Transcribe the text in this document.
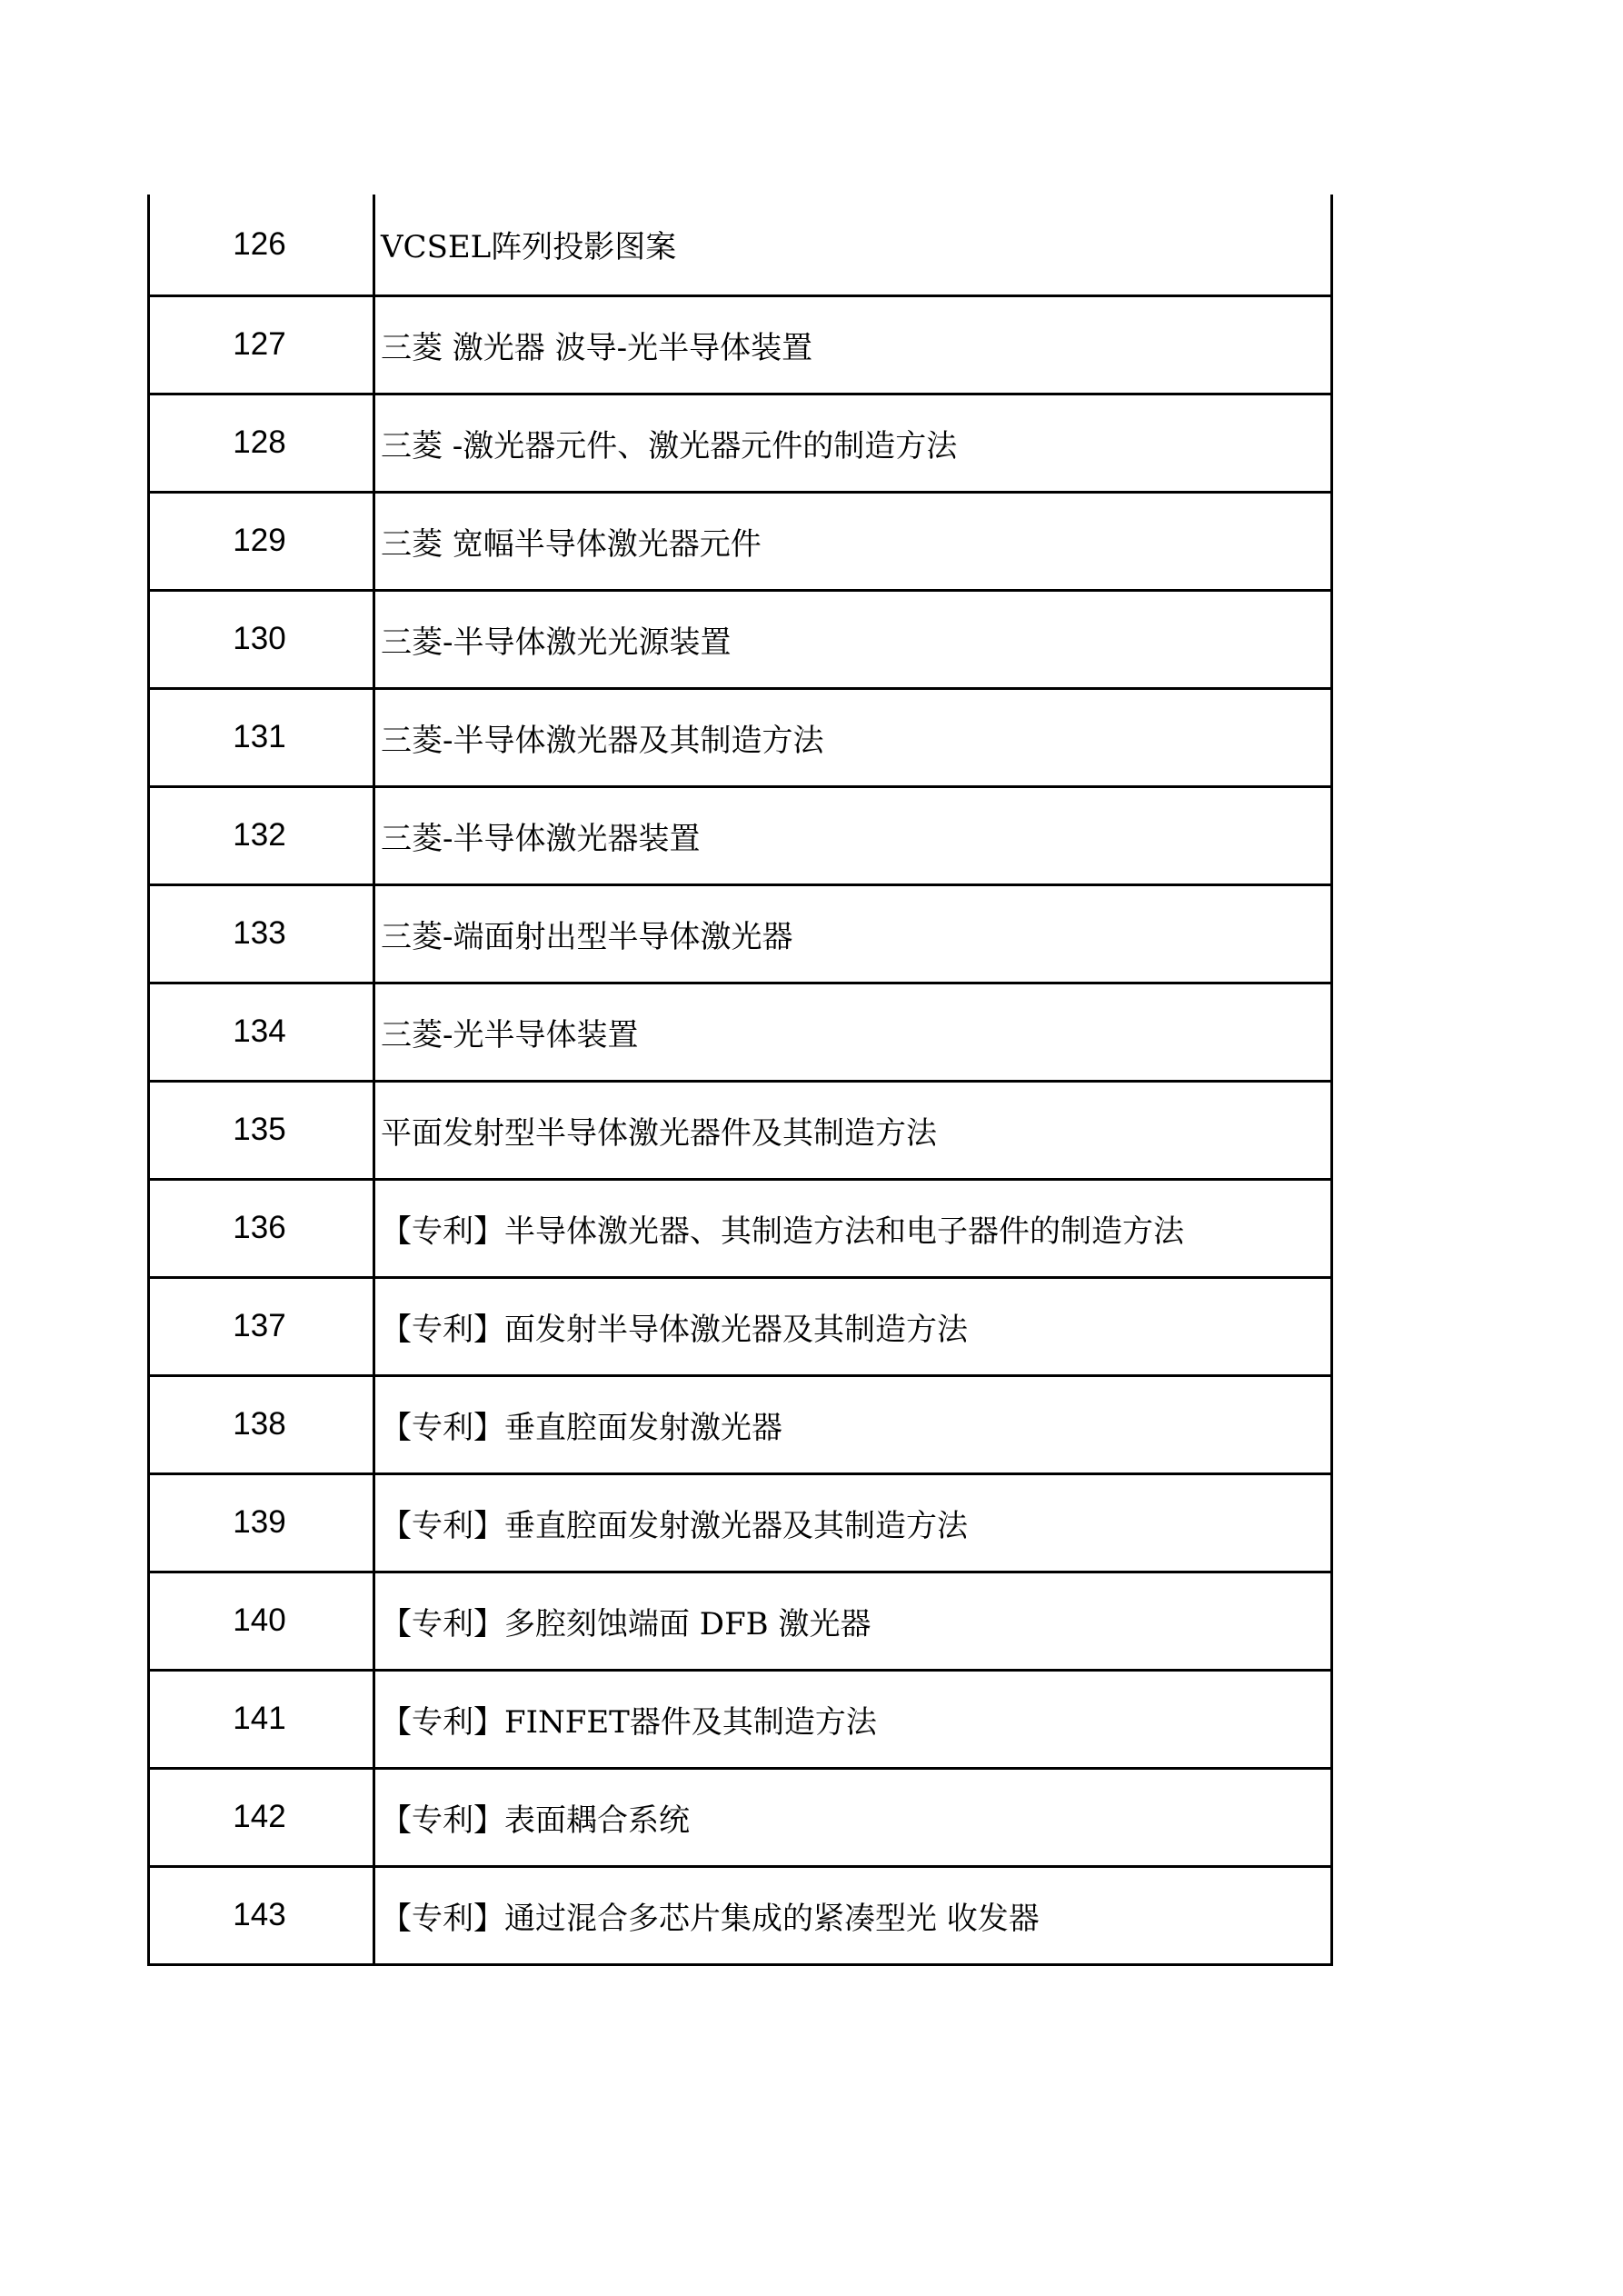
126	VCSEL阵列投影图案
127	三菱 激光器 波导-光半导体装置
128	三菱 -激光器元件、激光器元件的制造方法
129	三菱 宽幅半导体激光器元件
130	三菱-半导体激光光源装置
131	三菱-半导体激光器及其制造方法
132	三菱-半导体激光器装置
133	三菱-端面射出型半导体激光器
134	三菱-光半导体装置
135	平面发射型半导体激光器件及其制造方法
136	【专利】半导体激光器、其制造方法和电子器件的制造方法
137	【专利】面发射半导体激光器及其制造方法
138	【专利】垂直腔面发射激光器
139	【专利】垂直腔面发射激光器及其制造方法
140	【专利】多腔刻蚀端面 DFB 激光器
141	【专利】FINFET器件及其制造方法
142	【专利】表面耦合系统
143	【专利】通过混合多芯片集成的紧凑型光 收发器
